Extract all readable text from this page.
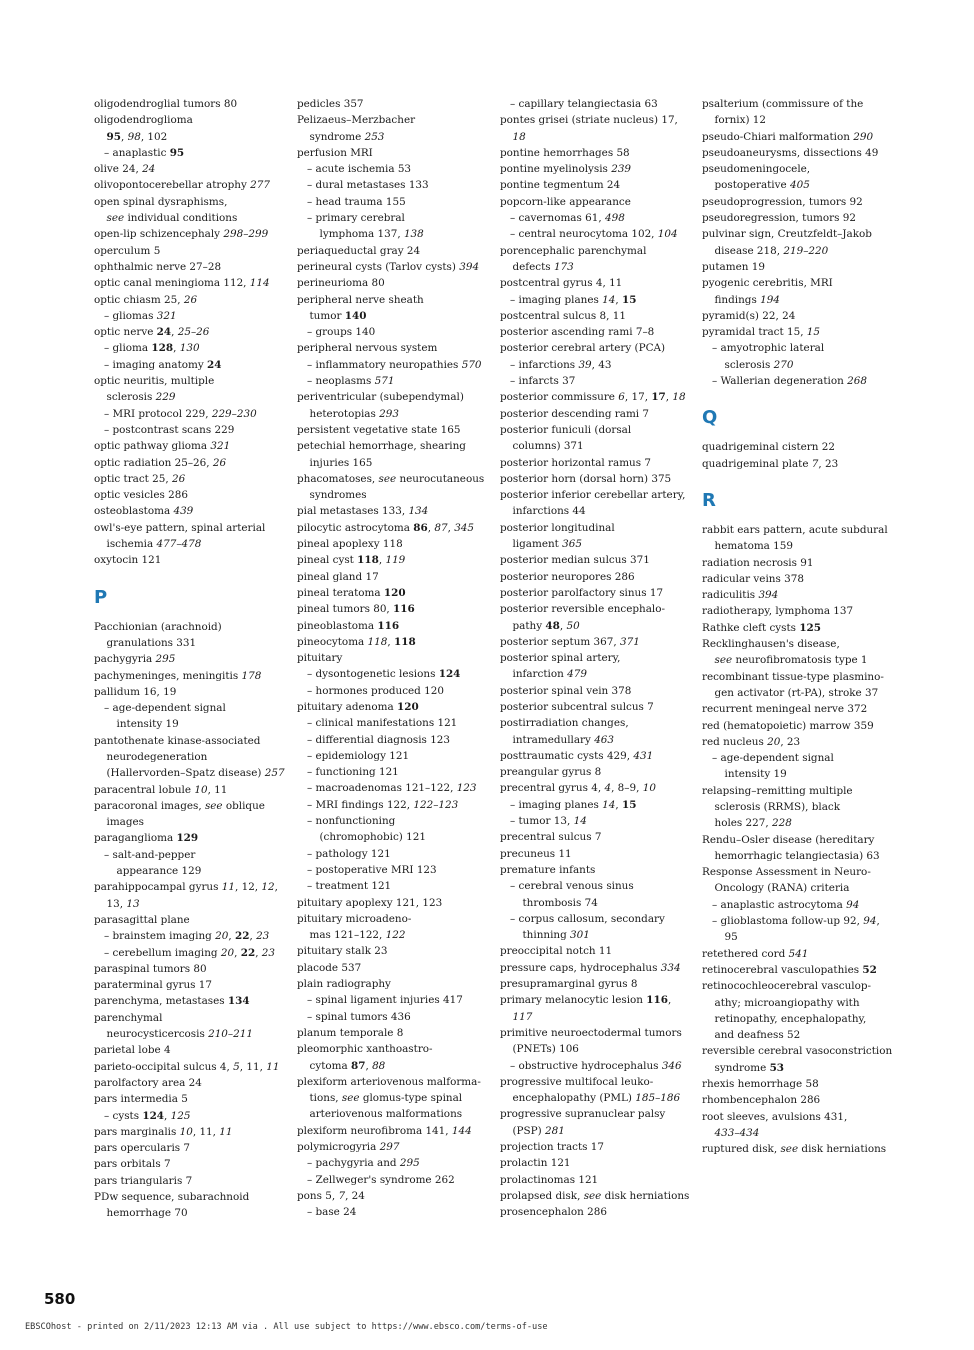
oligodendroglial tumors 80
oligodendroglioma
95, 98, 102
– anaplastic 95
olive 24, 24
olivopontocerebellar atrophy 277
open spinal dysraphisms,
see individual conditions
open-lip schizencephaly 298–299
operculum 5
ophthalmic nerve 27–28
optic canal meningioma 112, 114
optic chiasm 25, 26
– gliomas 321
optic nerve 24, 25–26
– glioma 128, 130
– imaging anatomy 24
optic neuritis, multiple
sclerosis 229
– MRI protocol 229, 229–230
– postcontrast scans 229
optic pathway glioma 321
optic radiation 25–26, 26
optic tract 25, 26
optic vesicles 286
osteoblastoma 439
owl's-eye pattern, spinal arterial
ischemia 477–478
oxytocin 121
P
Pacchionian (arachnoid)
granulations 331
pachygyria 295
pachymeninges, meningitis 178
pallidum 16, 19
– age-dependent signal
intensity 19
pantothenate kinase-associated
neurodegeneration
(Hallervorden–Spatz disease) 257
paracentral lobule 10, 11
paracoronal images, see oblique
images
paraganglioma 129
– salt-and-pepper
appearance 129
parahippocampal gyrus 11, 12, 12,
13, 13
parasagittal plane
– brainstem imaging 20, 22, 23
– cerebellum imaging 20, 22, 23
paraspinal tumors 80
paraterminal gyrus 17
parenchyma, metastases 134
parenchymal
neurocysticercosis 210–211
parietal lobe 4
parieto-occipital sulcus 4, 5, 11, 11
parolfactory area 24
pars intermedia 5
– cysts 124, 125
pars marginalis 10, 11, 11
pars opercularis 7
pars orbitals 7
pars triangularis 7
PDw sequence, subarachnoid
hemorrhage 70
pedicles 357
Pelizaeus–Merzbacher
syndrome 253
perfusion MRI
– acute ischemia 53
– dural metastases 133
– head trauma 155
– primary cerebral
lymphoma 137, 138
periaqueductal gray 24
perineural cysts (Tarlov cysts) 394
perineurioma 80
peripheral nerve sheath
tumor 140
– groups 140
peripheral nervous system
– inflammatory neuropathies 570
– neoplasms 571
periventricular (subependymal)
heterotopias 293
persistent vegetative state 165
petechial hemorrhage, shearing
injuries 165
phacomatoses, see neurocutaneous
syndromes
pial metastases 133, 134
pilocytic astrocytoma 86, 87, 345
pineal apoplexy 118
pineal cyst 118, 119
pineal gland 17
pineal teratoma 120
pineal tumors 80, 116
pineoblastoma 116
pineocytoma 118, 118
pituitary
– dysontogenetic lesions 124
– hormones produced 120
pituitary adenoma 120
– clinical manifestations 121
– differential diagnosis 123
– epidemiology 121
– functioning 121
– macroadenomas 121–122, 123
– MRI findings 122, 122–123
– nonfunctioning
(chromophobic) 121
– pathology 121
– postoperative MRI 123
– treatment 121
pituitary apoplexy 121, 123
pituitary microadeno-
mas 121–122, 122
pituitary stalk 23
placode 537
plain radiography
– spinal ligament injuries 417
– spinal tumors 436
planum temporale 8
pleomorphic xanthoastro-
cytoma 87, 88
plexiform arteriovenous malforma-
tions, see glomus-type spinal
arteriovenous malformations
plexiform neurofibroma 141, 144
polymicrogyria 297
– pachygyria and 295
– Zellweger's syndrome 262
pons 5, 7, 24
– base 24
– capillary telangiectasia 63
pontes grisei (striate nucleus) 17,
18
pontine hemorrhages 58
pontine myelinolysis 239
pontine tegmentum 24
popcorn-like appearance
– cavernomas 61, 498
– central neurocytoma 102, 104
porencephalic parenchymal
defects 173
postcentral gyrus 4, 11
– imaging planes 14, 15
postcentral sulcus 8, 11
posterior ascending rami 7–8
posterior cerebral artery (PCA)
– infarctions 39, 43
– infarcts 37
posterior commissure 6, 17, 17, 18
posterior descending rami 7
posterior funiculi (dorsal
columns) 371
posterior horizontal ramus 7
posterior horn (dorsal horn) 375
posterior inferior cerebellar artery,
infarctions 44
posterior longitudinal
ligament 365
posterior median sulcus 371
posterior neuropores 286
posterior parolfactory sinus 17
posterior reversible encephalo-
pathy 48, 50
posterior septum 367, 371
posterior spinal artery,
infarction 479
posterior spinal vein 378
posterior subcentral sulcus 7
postirradiation changes,
intramedullary 463
posttraumatic cysts 429, 431
preangular gyrus 8
precentral gyrus 4, 4, 8–9, 10
– imaging planes 14, 15
– tumor 13, 14
precentral sulcus 7
precuneus 11
premature infants
– cerebral venous sinus
thrombosis 74
– corpus callosum, secondary
thinning 301
preoccipital notch 11
pressure caps, hydrocephalus 334
presupramarginal gyrus 8
primary melanocytic lesion 116,
117
primitive neuroectodermal tumors
(PNETs) 106
– obstructive hydrocephalus 346
progressive multifocal leuko-
encephalopathy (PML) 185–186
progressive supranuclear palsy
(PSP) 281
projection tracts 17
prolactin 121
prolactinomas 121
prolapsed disk, see disk herniations
prosencephalon 286
psalterium (commissure of the
fornix) 12
pseudo-Chiari malformation 290
pseudoaneurysms, dissections 49
pseudomeningocele,
postoperative 405
pseudoprogression, tumors 92
pseudoregression, tumors 92
pulvinar sign, Creutzfeldt–Jakob
disease 218, 219–220
putamen 19
pyogenic cerebritis, MRI
findings 194
pyramid(s) 22, 24
pyramidal tract 15, 15
– amyotrophic lateral
sclerosis 270
– Wallerian degeneration 268
Q
quadrigeminal cistern 22
quadrigeminal plate 7, 23
R
rabbit ears pattern, acute subdural
hematoma 159
radiation necrosis 91
radicular veins 378
radiculitis 394
radiotherapy, lymphoma 137
Rathke cleft cysts 125
Recklinghausen's disease,
see neurofibromatosis type 1
recombinant tissue-type plasmino-
gen activator (rt-PA), stroke 37
recurrent meningeal nerve 372
red (hematopoietic) marrow 359
red nucleus 20, 23
– age-dependent signal
intensity 19
relapsing–remitting multiple
sclerosis (RRMS), black
holes 227, 228
Rendu–Osler disease (hereditary
hemorrhagic telangiectasia) 63
Response Assessment in Neuro-
Oncology (RANA) criteria
– anaplastic astrocytoma 94
– glioblastoma follow-up 92, 94,
95
retethered cord 541
retinocerebral vasculopathies 52
retinocochleocerebral vasculop-
athy; microangiopathy with
retinopathy, encephalopathy,
and deafness 52
reversible cerebral vasoconstriction
syndrome 53
rhexis hemorrhage 58
rhombencephalon 286
root sleeves, avulsions 431,
433–434
ruptured disk, see disk herniations
580
EBSCOhost - printed on 2/11/2023 12:13 AM via . All use subject to https://www.ebsco.com/terms-of-use
